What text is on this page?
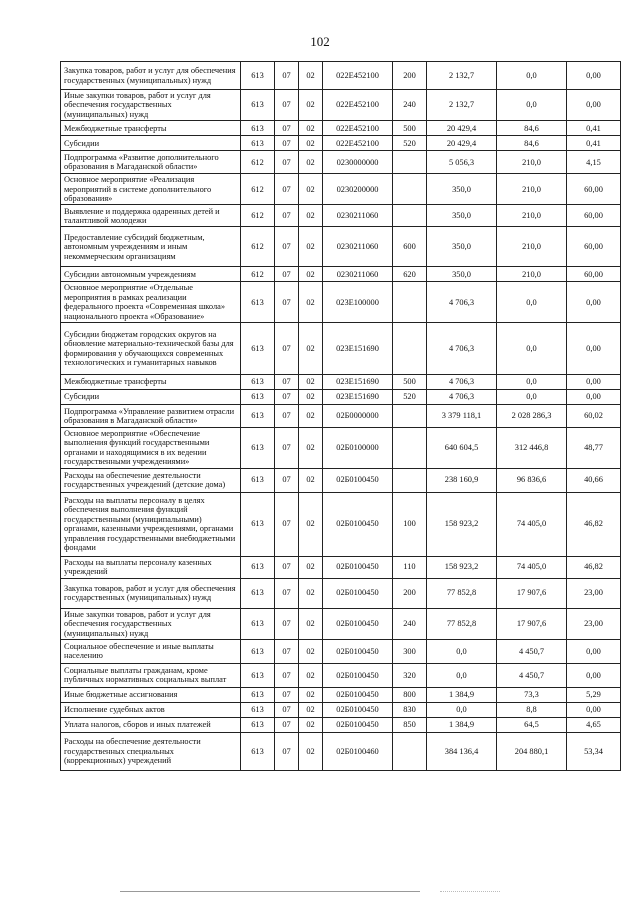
102
Закупка товаров, работ и услуг для обеспечения государственных (муниципальных) нужд	613	07	02	022E452100	200	2 132,7	0,0	0,00
Иные закупки товаров, работ и услуг для обеспечения государственных (муниципальных) нужд	613	07	02	022E452100	240	2 132,7	0,0	0,00
Межбюджетные трансферты	613	07	02	022E452100	500	20 429,4	84,6	0,41
Субсидии	613	07	02	022E452100	520	20 429,4	84,6	0,41
Подпрограмма «Развитие дополнительного образования в Магаданской области»	612	07	02	0230000000		5 056,3	210,0	4,15
Основное мероприятие «Реализация мероприятий в системе дополнительного образования»	612	07	02	0230200000		350,0	210,0	60,00
Выявление и поддержка одаренных детей и талантливой молодежи	612	07	02	0230211060		350,0	210,0	60,00
Предоставление субсидий бюджетным, автономным учреждениям и иным некоммерческим организациям	612	07	02	0230211060	600	350,0	210,0	60,00
Субсидии автономным учреждениям	612	07	02	0230211060	620	350,0	210,0	60,00
Основное мероприятие «Отдельные мероприятия в рамках реализации федерального проекта «Современная школа» национального проекта «Образование»	613	07	02	023E100000		4 706,3	0,0	0,00
Субсидии бюджетам городских округов на обновление материально-технической базы для формирования у обучающихся современных технологических и гуманитарных навыков	613	07	02	023E151690		4 706,3	0,0	0,00
Межбюджетные трансферты	613	07	02	023E151690	500	4 706,3	0,0	0,00
Субсидии	613	07	02	023E151690	520	4 706,3	0,0	0,00
Подпрограмма «Управление развитием отрасли образования в Магаданской области»	613	07	02	02Б0000000		3 379 118,1	2 028 286,3	60,02
Основное мероприятие «Обеспечение выполнения функций государственными органами и находящимися в их ведении государственными учреждениями»	613	07	02	02Б0100000		640 604,5	312 446,8	48,77
Расходы на обеспечение деятельности государственных учреждений (детские дома)	613	07	02	02Б0100450		238 160,9	96 836,6	40,66
Расходы на выплаты персоналу в целях обеспечения выполнения функций государственными (муниципальными) органами, казенными учреждениями, органами управления государственными внебюджетными фондами	613	07	02	02Б0100450	100	158 923,2	74 405,0	46,82
Расходы на выплаты персоналу казенных учреждений	613	07	02	02Б0100450	110	158 923,2	74 405,0	46,82
Закупка товаров, работ и услуг для обеспечения государственных (муниципальных) нужд	613	07	02	02Б0100450	200	77 852,8	17 907,6	23,00
Иные закупки товаров, работ и услуг для обеспечения государственных (муниципальных) нужд	613	07	02	02Б0100450	240	77 852,8	17 907,6	23,00
Социальное обеспечение и иные выплаты населению	613	07	02	02Б0100450	300	0,0	4 450,7	0,00
Социальные выплаты гражданам, кроме публичных нормативных социальных выплат	613	07	02	02Б0100450	320	0,0	4 450,7	0,00
Иные бюджетные ассигнования	613	07	02	02Б0100450	800	1 384,9	73,3	5,29
Исполнение судебных актов	613	07	02	02Б0100450	830	0,0	8,8	0,00
Уплата налогов, сборов и иных платежей	613	07	02	02Б0100450	850	1 384,9	64,5	4,65
Расходы на обеспечение деятельности государственных специальных (коррекционных) учреждений	613	07	02	02Б0100460		384 136,4	204 880,1	53,34
